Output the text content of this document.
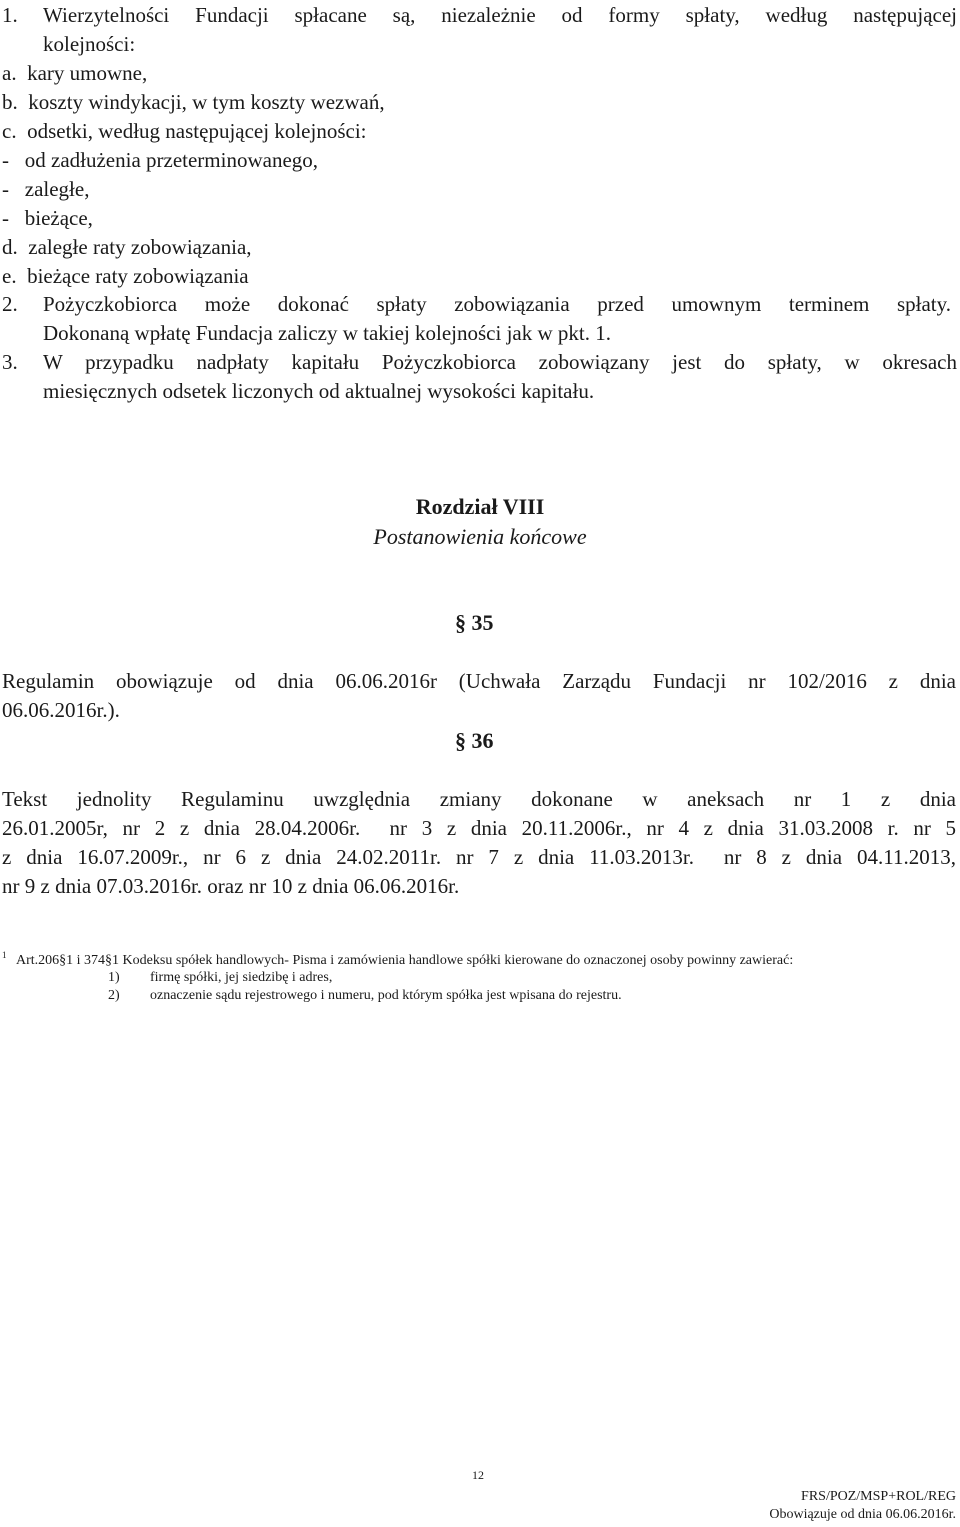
1. Wierzytelności Fundacji spłacane są, niezależnie od formy spłaty, według następującej
kolejności:
a.  kary umowne,
b.  koszty windykacji, w tym koszty wezwań,
c.  odsetki, według następującej kolejności:
-   od zadłużenia przeterminowanego,
-   zaległe,
-   bieżące,
d.  zaległe raty zobowiązania,
e.  bieżące raty zobowiązania
2. Pożyczkobiorca może dokonać spłaty zobowiązania przed umownym terminem spłaty.
Dokonaną wpłatę Fundacja zaliczy w takiej kolejności jak w pkt. 1.
3. W przypadku nadpłaty kapitału Pożyczkobiorca zobowiązany jest do spłaty, w okresach
miesięcznych odsetek liczonych od aktualnej wysokości kapitału.
Rozdział VIII
Postanowienia końcowe
§ 35
Regulamin obowiązuje od dnia 06.06.2016r (Uchwała Zarządu Fundacji nr 102/2016 z dnia
06.06.2016r.).
§ 36
Tekst jednolity Regulaminu uwzględnia zmiany dokonane w aneksach nr 1 z dnia
26.01.2005r, nr 2 z dnia 28.04.2006r.  nr 3 z dnia 20.11.2006r., nr 4 z dnia 31.03.2008 r. nr 5
z dnia 16.07.2009r., nr 6 z dnia 24.02.2011r. nr 7 z dnia 11.03.2013r.  nr 8 z dnia 04.11.2013,
nr 9 z dnia 07.03.2016r. oraz nr 10 z dnia 06.06.2016r.
$^1$ Art.206§1 i 374§1 Kodeksu spółek handlowych- Pisma i zamówienia handlowe spółki kierowane do oznaczonej osoby powinny zawierać:
1) firmę spółki, jej siedzibę i adres,
2) oznaczenie sądu rejestrowego i numeru, pod którym spółka jest wpisana do rejestru.
12
FRS/POZ/MSP+ROL/REG
Obowiązuje od dnia 06.06.2016r.
